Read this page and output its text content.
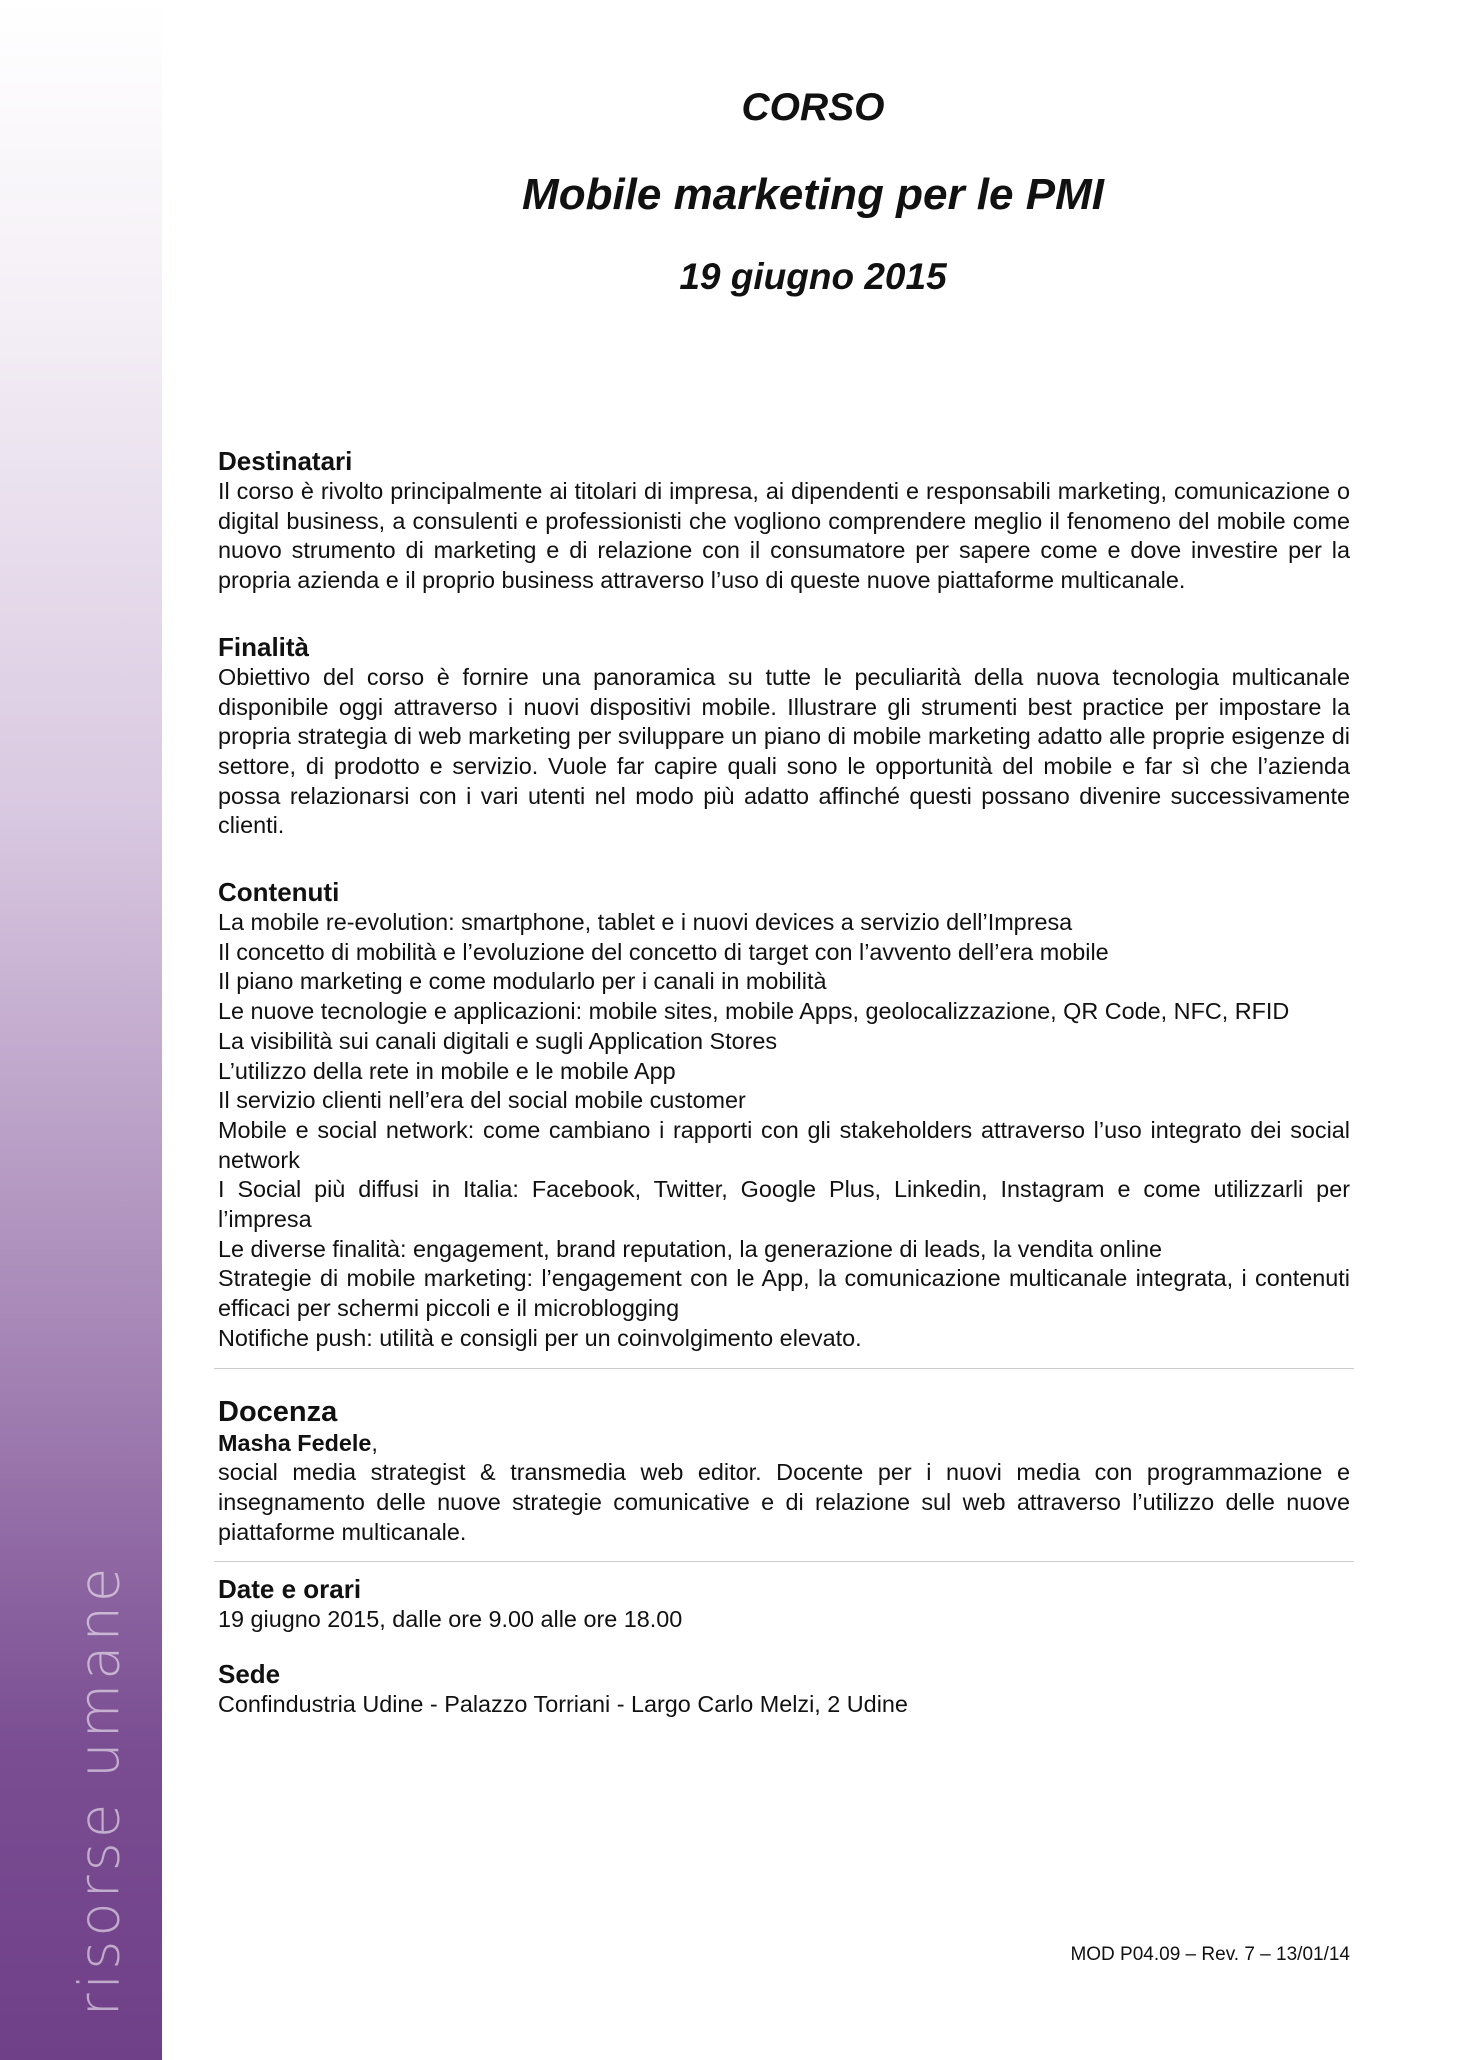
risorse umane
CORSO
Mobile marketing per le PMI
19 giugno 2015

Destinatari

Il corso è rivolto principalmente ai titolari di impresa, ai dipendenti e responsabili marketing, comunicazione o digital business, a consulenti e professionisti che vogliono comprendere meglio il fenomeno del mobile come nuovo strumento di marketing e di relazione con il consumatore per sapere come e dove investire per la propria azienda e il proprio business attraverso l’uso di queste nuove piattaforme multicanale.

Finalità

Obiettivo del corso è fornire una panoramica su tutte le peculiarità della nuova tecnologia multicanale disponibile oggi attraverso i nuovi dispositivi mobile. Illustrare gli strumenti best practice per impostare la propria strategia di web marketing per sviluppare un piano di mobile marketing adatto alle proprie esigenze di settore, di prodotto e servizio. Vuole far capire quali sono le opportunità del mobile e far sì che l’azienda possa relazionarsi con i vari utenti nel modo più adatto affinché questi possano divenire successivamente clienti.

Contenuti

La mobile re-evolution: smartphone, tablet e i nuovi devices a servizio dell’Impresa

Il concetto di mobilità e l’evoluzione del concetto di target con l’avvento dell’era mobile

Il piano marketing e come modularlo per i canali in mobilità

Le nuove tecnologie e applicazioni: mobile sites, mobile Apps, geolocalizzazione, QR Code, NFC, RFID

La visibilità sui canali digitali e sugli Application Stores

L’utilizzo della rete in mobile e le mobile App

Il servizio clienti nell’era del social mobile customer

Mobile e social network: come cambiano i rapporti con gli stakeholders attraverso l’uso integrato dei social network

I Social più diffusi in Italia: Facebook, Twitter, Google Plus, Linkedin, Instagram e come utilizzarli per l’impresa

Le diverse finalità: engagement, brand reputation, la generazione di leads, la vendita online

Strategie di mobile marketing: l’engagement con le App, la comunicazione multicanale integrata, i contenuti efficaci per schermi piccoli e il microblogging

Notifiche push: utilità e consigli per un coinvolgimento elevato.

Docenza

Masha Fedele,

social media strategist & transmedia web editor. Docente per i nuovi media con programmazione e insegnamento delle nuove strategie comunicative e di relazione sul web attraverso l’utilizzo delle nuove piattaforme multicanale.

Date e orari

19 giugno 2015, dalle ore 9.00 alle ore 18.00

Sede

Confindustria Udine - Palazzo Torriani - Largo Carlo Melzi, 2 Udine

MOD P04.09 – Rev. 7 – 13/01/14
